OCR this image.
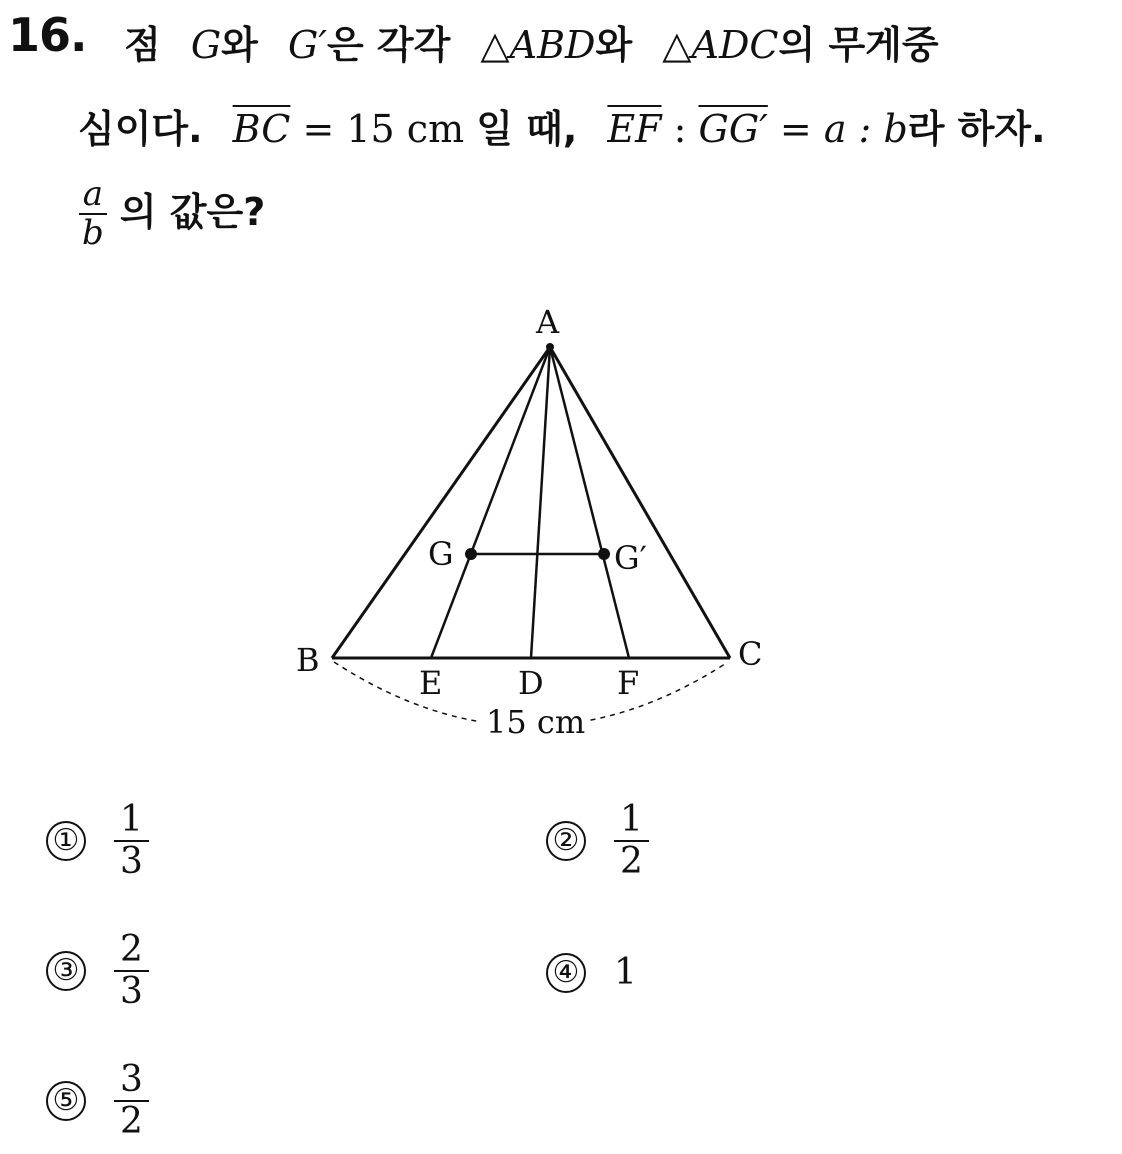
16. 점 G와 G′은 각각 △ABD와 △ADC의 무게중
심이다. $\overline{BC} = 15$ cm 일 때, $\overline{EF}$ : GG′ = a : b라 하자.
$\frac{a}{b}$ 의 값은?
A
B	C
D
E	F
G	G′
15 cm
① $\frac{1}{3}$	② $\frac{1}{2}$
③ $\frac{2}{3}$	④ 1
⑤ $\frac{3}{2}$
